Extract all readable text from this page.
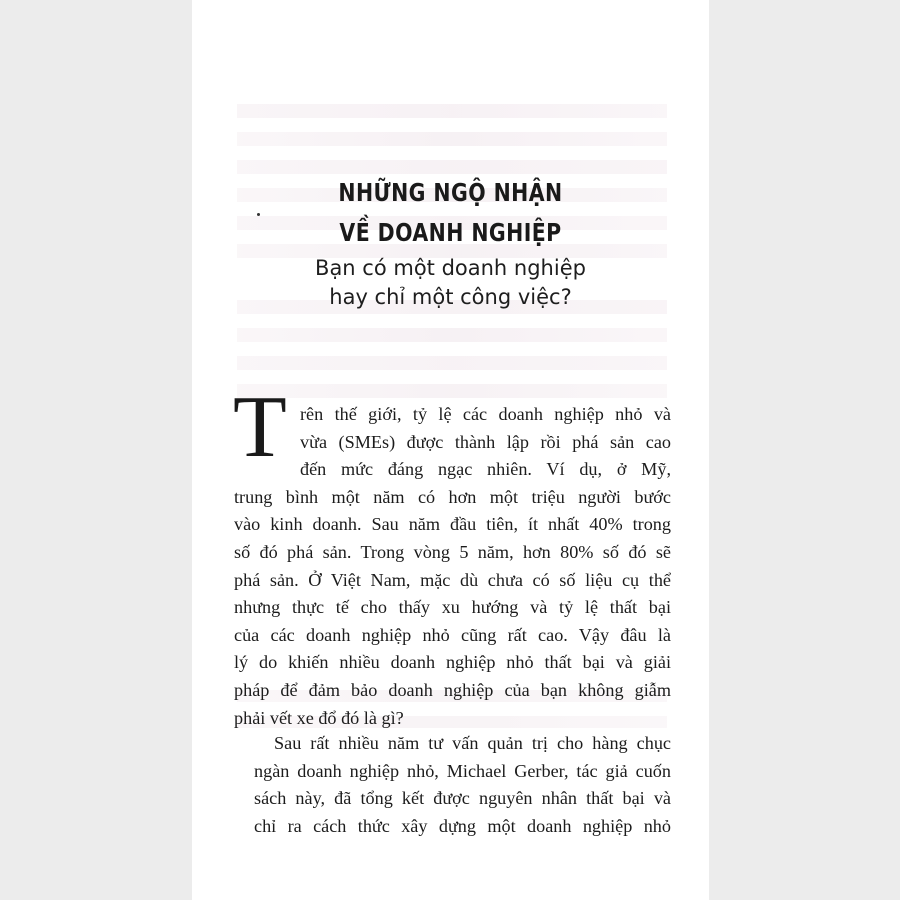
NHỮNG NGỘ NHẬN
VỀ DOANH NGHIỆP
Bạn có một doanh nghiệp
hay chỉ một công việc?
T rên thế giới, tỷ lệ các doanh nghiệp nhỏ và
vừa (SMEs) được thành lập rồi phá sản cao
đến mức đáng ngạc nhiên. Ví dụ, ở Mỹ,
trung bình một năm có hơn một triệu người bước
vào kinh doanh. Sau năm đầu tiên, ít nhất 40% trong
số đó phá sản. Trong vòng 5 năm, hơn 80% số đó sẽ
phá sản. Ở Việt Nam, mặc dù chưa có số liệu cụ thể
nhưng thực tế cho thấy xu hướng và tỷ lệ thất bại
của các doanh nghiệp nhỏ cũng rất cao. Vậy đâu là
lý do khiến nhiều doanh nghiệp nhỏ thất bại và giải
pháp để đảm bảo doanh nghiệp của bạn không giẫm
phải vết xe đổ đó là gì?
Sau rất nhiều năm tư vấn quản trị cho hàng chục
ngàn doanh nghiệp nhỏ, Michael Gerber, tác giả cuốn
sách này, đã tổng kết được nguyên nhân thất bại và
chỉ ra cách thức xây dựng một doanh nghiệp nhỏ
